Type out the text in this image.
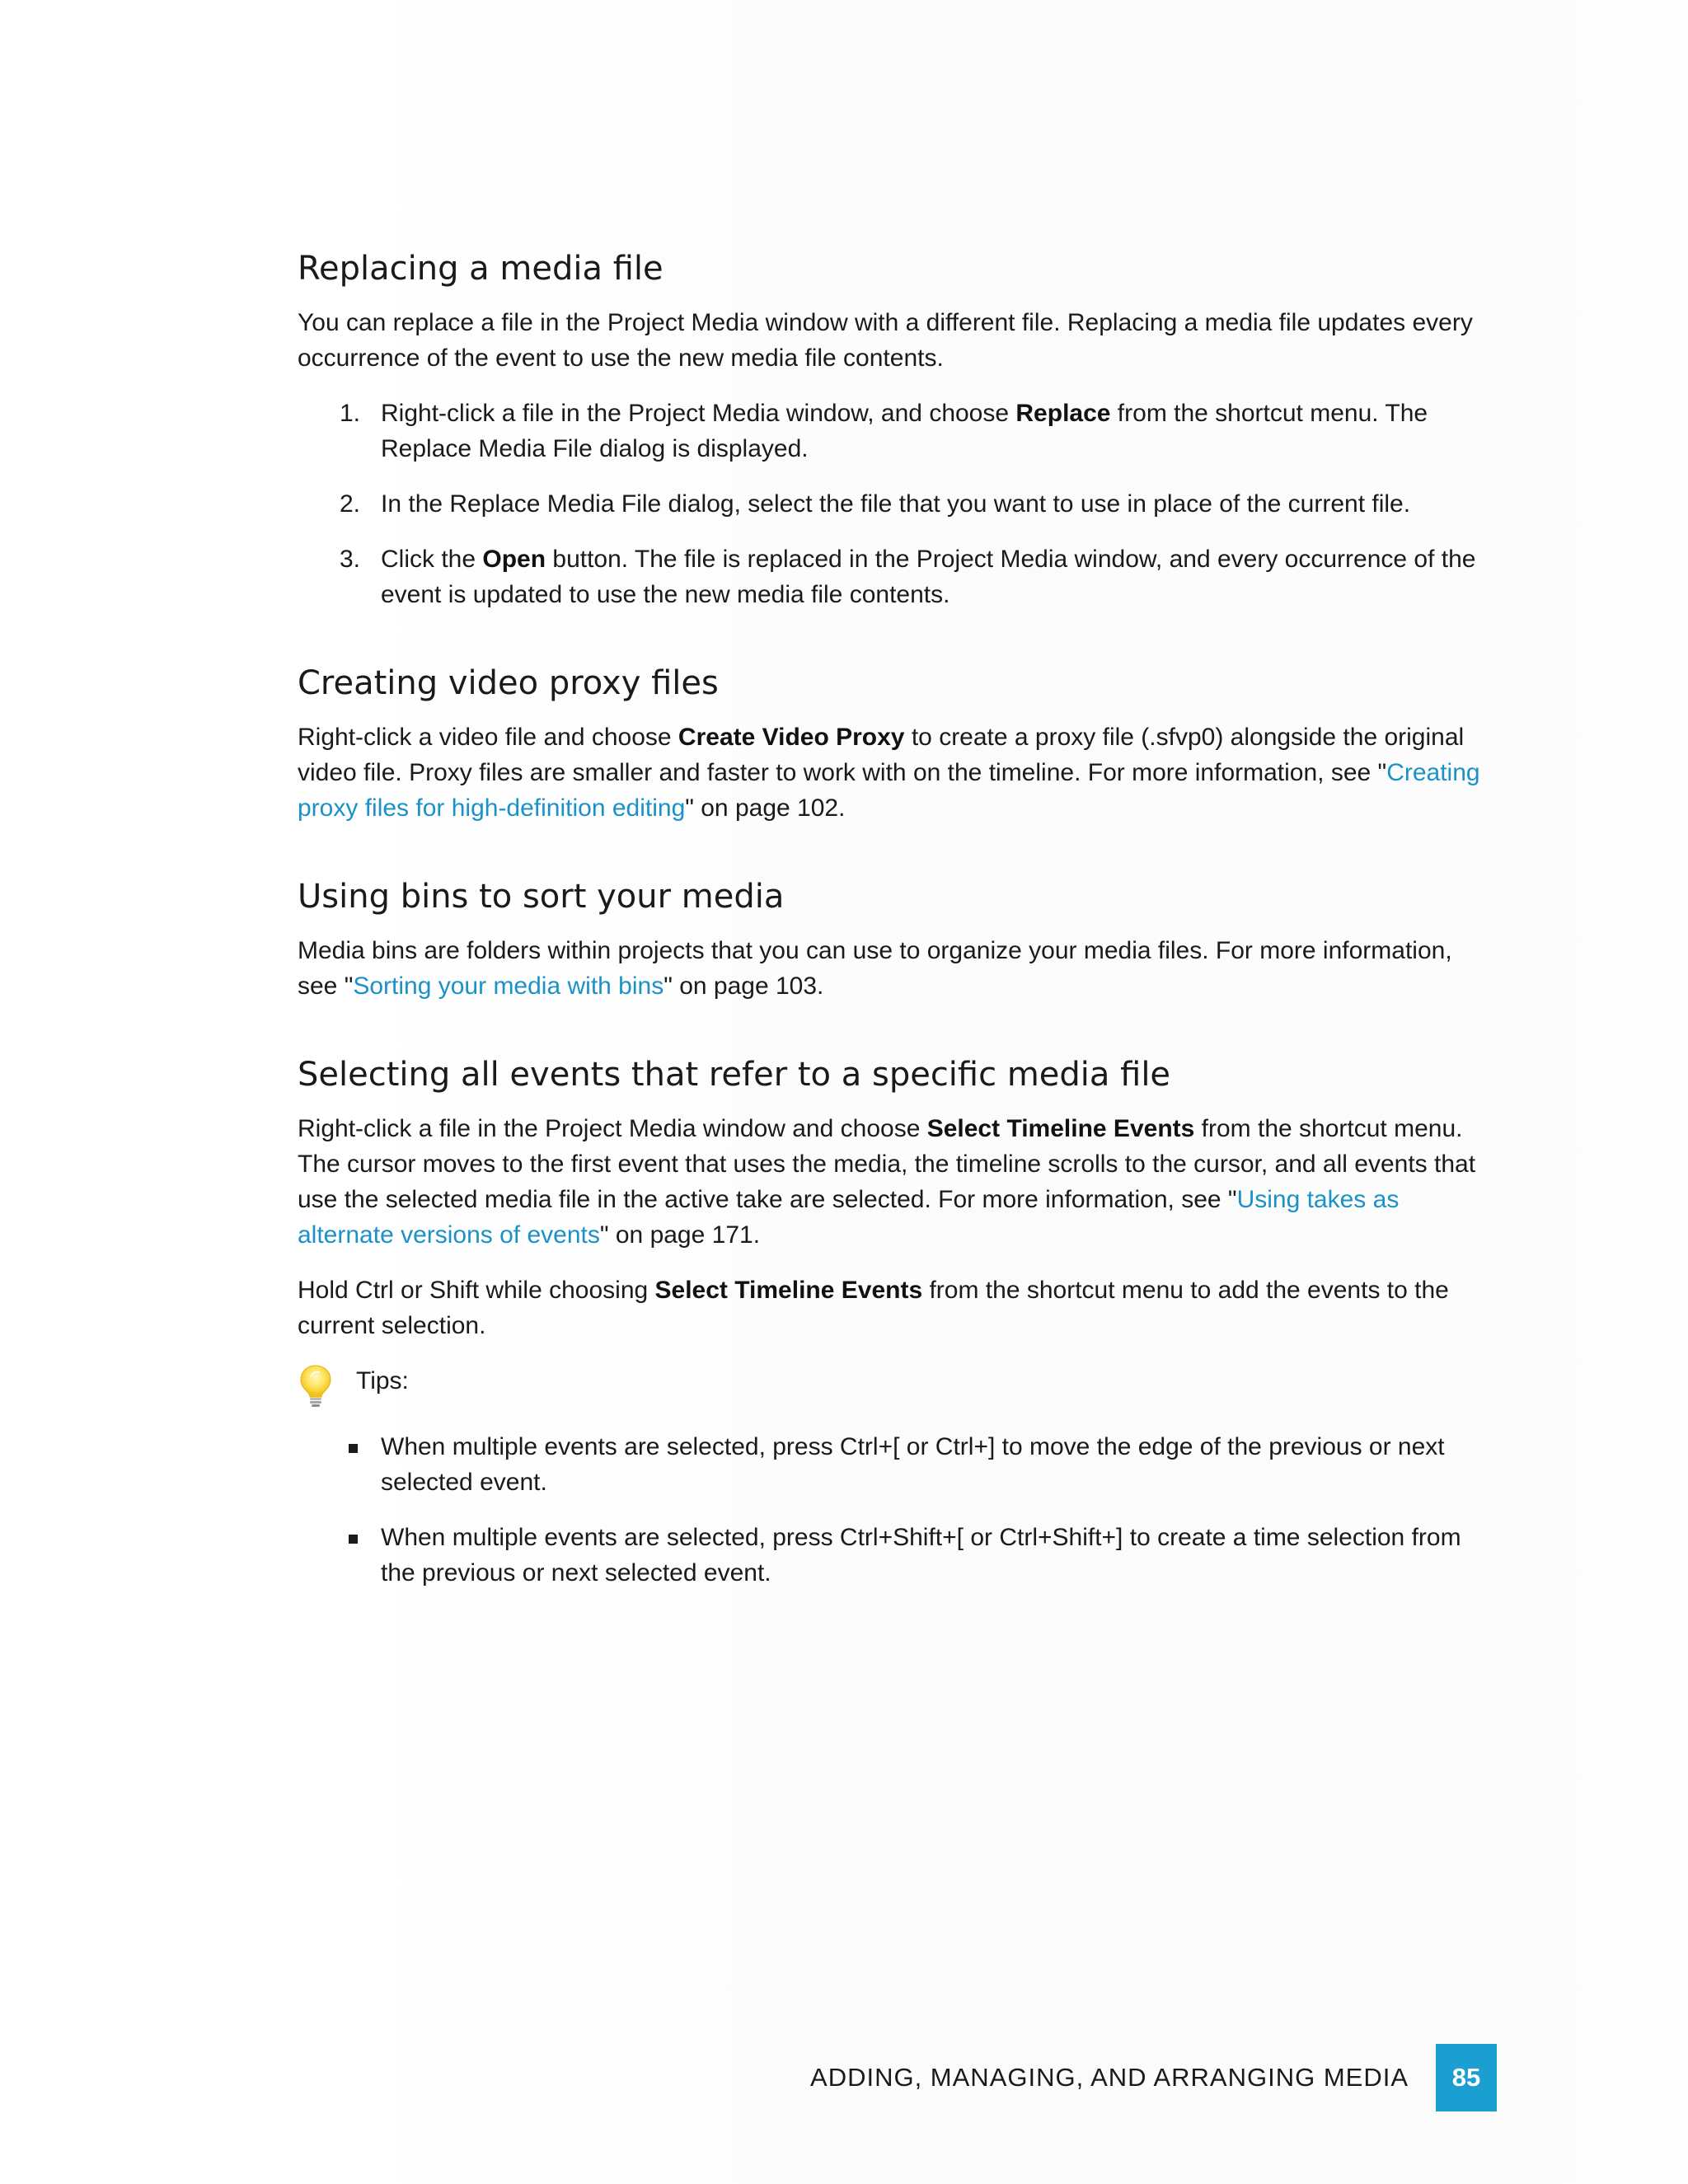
Replacing a media file

You can replace a file in the Project Media window with a different file. Replacing a media file updates every occurrence of the event to use the new media file contents.

1. Right-click a file in the Project Media window, and choose Replace from the shortcut menu. The Replace Media File dialog is displayed.
2. In the Replace Media File dialog, select the file that you want to use in place of the current file.
3. Click the Open button. The file is replaced in the Project Media window, and every occurrence of the event is updated to use the new media file contents.
Creating video proxy files

Right-click a video file and choose Create Video Proxy to create a proxy file (.sfvp0) alongside the original video file. Proxy files are smaller and faster to work with on the timeline. For more information, see "Creating proxy files for high-definition editing" on page 102.

Using bins to sort your media

Media bins are folders within projects that you can use to organize your media files. For more information, see "Sorting your media with bins" on page 103.

Selecting all events that refer to a specific media file

Right-click a file in the Project Media window and choose Select Timeline Events from the shortcut menu. The cursor moves to the first event that uses the media, the timeline scrolls to the cursor, and all events that use the selected media file in the active take are selected. For more information, see "Using takes as alternate versions of events" on page 171.

Hold Ctrl or Shift while choosing Select Timeline Events from the shortcut menu to add the events to the current selection.

Tips:
When multiple events are selected, press Ctrl+[ or Ctrl+] to move the edge of the previous or next selected event.
When multiple events are selected, press Ctrl+Shift+[ or Ctrl+Shift+] to create a time selection from the previous or next selected event.
ADDING, MANAGING, AND ARRANGING MEDIA	85
